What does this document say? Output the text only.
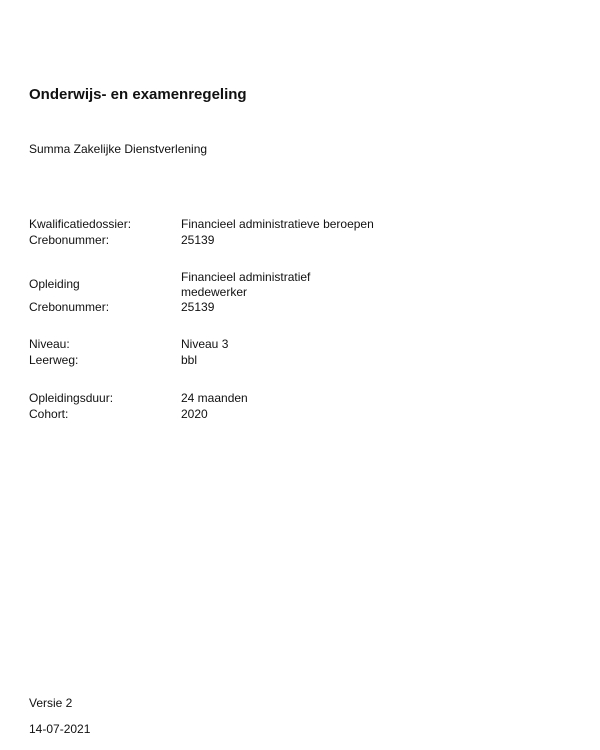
Onderwijs- en examenregeling
Summa Zakelijke Dienstverlening
Kwalificatiedossier:	Financieel administratieve beroepen
Crebonummer:	25139
Opleiding	Financieel administratief
medewerker
Crebonummer:	25139
Niveau:	Niveau 3
Leerweg:	bbl
Opleidingsduur:	24 maanden
Cohort:	2020
Versie 2
14-07-2021
